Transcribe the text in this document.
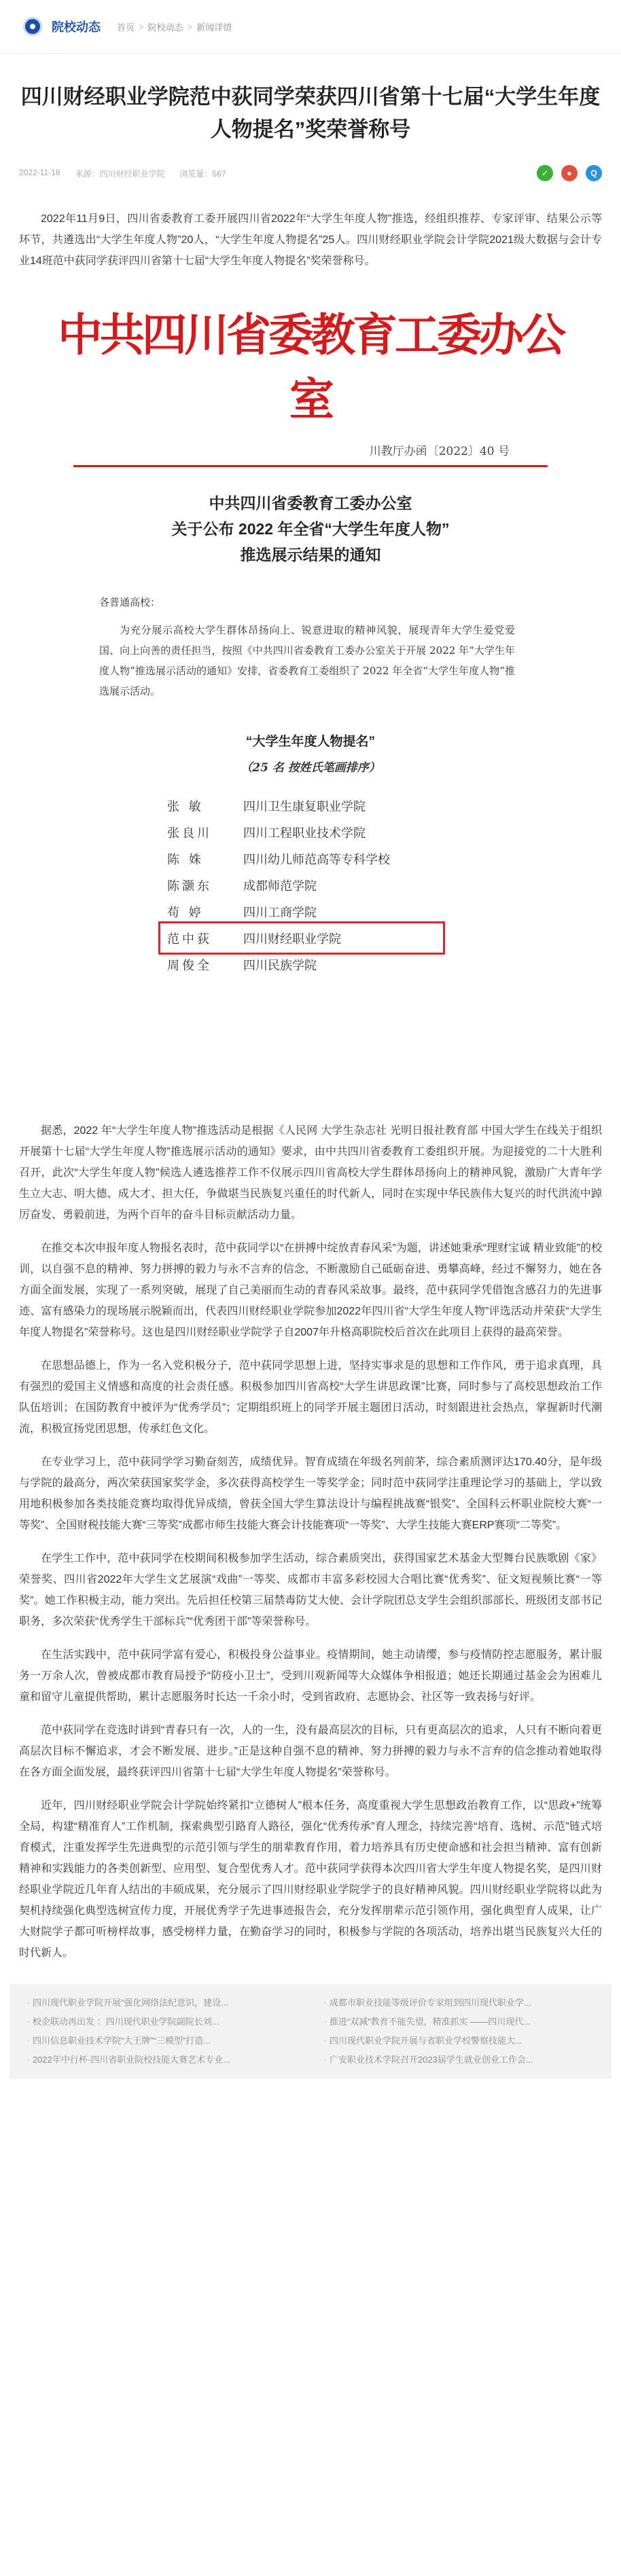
院校动态 首页 > 院校动态 > 新闻详情
四川财经职业学院范中荻同学荣获四川省第十七届“大学生年度人物提名”奖荣誉称号
2022-11-18 来源：四川财经职业学院 浏览量：567	✓	●	Q

2022年11月9日，四川省委教育工委开展四川省2022年“大学生年度人物”推选，经组织推荐、专家评审、结果公示等环节，共遴选出“大学生年度人物”20人，“大学生年度人物提名”25人。四川财经职业学院会计学院2021级大数据与会计专业14班范中荻同学获评四川省第十七届“大学生年度人物提名”奖荣誉称号。

中共四川省委教育工委办公室
川教厅办函〔2022〕40 号
中共四川省委教育工委办公室
关于公布 2022 年全省“大学生年度人物”
推选展示结果的通知
各普通高校：
为充分展示高校大学生群体昂扬向上、锐意进取的精神风貌，展现青年大学生爱党爱国、向上向善的责任担当，按照《中共四川省委教育工委办公室关于开展 2022 年“大学生年度人物”推选展示活动的通知》安排，省委教育工委组织了 2022 年全省“大学生年度人物”推选展示活动。
“大学生年度人物提名”
（25 名 按姓氏笔画排序）
张 敏	四川卫生康复职业学院
张良川	四川工程职业技术学院
陈 姝	四川幼儿师范高等专科学校
陈灏东	成都师范学院
苟 婷	四川工商学院
范中荻	四川财经职业学院
周俊全	四川民族学院

据悉，2022 年“大学生年度人物”推选活动是根据《人民网 大学生杂志社 光明日报社教育部 中国大学生在线关于组织开展第十七届“大学生年度人物”推选展示活动的通知》要求，由中共四川省委教育工委组织开展。为迎接党的二十大胜利召开，此次“大学生年度人物”候选人遴选推荐工作不仅展示四川省高校大学生群体昂扬向上的精神风貌，激励广大青年学生立大志、明大德、成大才、担大任，争做堪当民族复兴重任的时代新人，同时在实现中华民族伟大复兴的时代洪流中踔厉奋发、勇毅前进，为两个百年的奋斗目标贡献活动力量。

在推交本次申报年度人物报名表时，范中荻同学以“在拼搏中绽放青春风采”为题，讲述她秉承“理财宝诚 精业致能”的校训，以自强不息的精神、努力拼搏的毅力与永不言弃的信念，不断激励自己砥砺奋进、勇攀高峰，经过不懈努力，她在各方面全面发展，实现了一系列突破，展现了自己美丽而生动的青春风采故事。最终，范中荻同学凭借饱含感召力的先进事迹、富有感染力的现场展示脱颖而出，代表四川财经职业学院参加2022年四川省“大学生年度人物”评选活动并荣获“大学生年度人物提名”荣誉称号。这也是四川财经职业学院学子自2007年升格高职院校后首次在此项目上获得的最高荣誉。

在思想品德上，作为一名入党积极分子，范中荻同学思想上进，坚持实事求是的思想和工作作风，勇于追求真理，具有强烈的爱国主义情感和高度的社会责任感。积极参加四川省高校“大学生讲思政课”比赛，同时参与了高校思想政治工作队伍培训；在国防教育中被评为“优秀学员”；定期组织班上的同学开展主题团日活动，时刻跟进社会热点，掌握新时代潮流，积极宣扬党团思想，传承红色文化。

在专业学习上，范中荻同学学习勤奋刻苦，成绩优异。智育成绩在年级名列前茅，综合素质测评达170.40分，是年级与学院的最高分，两次荣获国家奖学金，多次获得高校学生一等奖学金；同时范中荻同学注重理论学习的基础上，学以致用地积极参加各类技能竞赛均取得优异成绩，曾获全国大学生算法设计与编程挑战赛“银奖”、全国科云杯职业院校大赛“一等奖”、全国财税技能大赛“三等奖”成都市师生技能大赛会计技能赛项“一等奖”、大学生技能大赛ERP赛项“二等奖”。

在学生工作中，范中荻同学在校期间积极参加学生活动，综合素质突出，获得国家艺术基金大型舞台民族歌剧《家》荣誉奖、四川省2022年大学生文艺展演“戏曲”一等奖、成都市丰富多彩校园大合唱比赛“优秀奖”、征文短视频比赛“一等奖”。她工作积极主动，能力突出。先后担任校第三届禁毒防艾大使、会计学院团总支学生会组织部部长、班级团支部书记职务，多次荣获“优秀学生干部标兵”“优秀团干部”等荣誉称号。

在生活实践中，范中荻同学富有爱心，积极投身公益事业。疫情期间，她主动请缨，参与疫情防控志愿服务，累计服务一万余人次，曾被成都市教育局授予“防疫小卫士”，受到川观新闻等大众媒体争相报道；她还长期通过基金会为困难儿童和留守儿童提供帮助，累计志愿服务时长达一千余小时，受到省政府、志愿协会、社区等一致表扬与好评。

范中荻同学在竞选时讲到“青春只有一次，人的一生，没有最高层次的目标，只有更高层次的追求，人只有不断向着更高层次目标不懈追求，才会不断发展、进步。”正是这种自强不息的精神、努力拼搏的毅力与永不言弃的信念推动着她取得在各方面全面发展，最终获评四川省第十七届“大学生年度人物提名”荣誉称号。

近年，四川财经职业学院会计学院始终紧扣“立德树人”根本任务，高度重视大学生思想政治教育工作，以“思政+”统筹全局，构建“精准育人”工作机制，探索典型引路育人路径，强化“优秀传承”育人理念，持续完善“培育、选树、示范”链式培育模式，注重发挥学生先进典型的示范引领与学生的朋辈教育作用，着力培养具有历史使命感和社会担当精神、富有创新精神和实践能力的各类创新型、应用型、复合型优秀人才。范中荻同学获得本次四川省大学生年度人物提名奖，是四川财经职业学院近几年育人结出的丰硕成果，充分展示了四川财经职业学院学子的良好精神风貌。四川财经职业学院将以此为契机持续强化典型选树宣传力度，开展优秀学子先进事迹报告会，充分发挥朋辈示范引领作用，强化典型育人成果，让广大财院学子都可听榜样故事，感受榜样力量，在勤奋学习的同时，积极参与学院的各项活动，培养出堪当民族复兴大任的时代新人。

· 四川现代职业学院开展“强化网络法纪意识，建设...	· 成都市职业技能等级评价专家组到四川现代职业学...
· 校企联动再出发 ：四川现代职业学院副院长刘...	· 推进“双减”教育不能失望，精准抓实 ——四川现代...
· 四川信息职业技术学院“大王牌”“三模型”打造...	· 四川现代职业学院开展与省职业学校警察技能大...
· 2022年中行杯·四川省职业院校技能大赛艺术专业...	· 广安职业技术学院召开2023届学生就业创业工作会...
